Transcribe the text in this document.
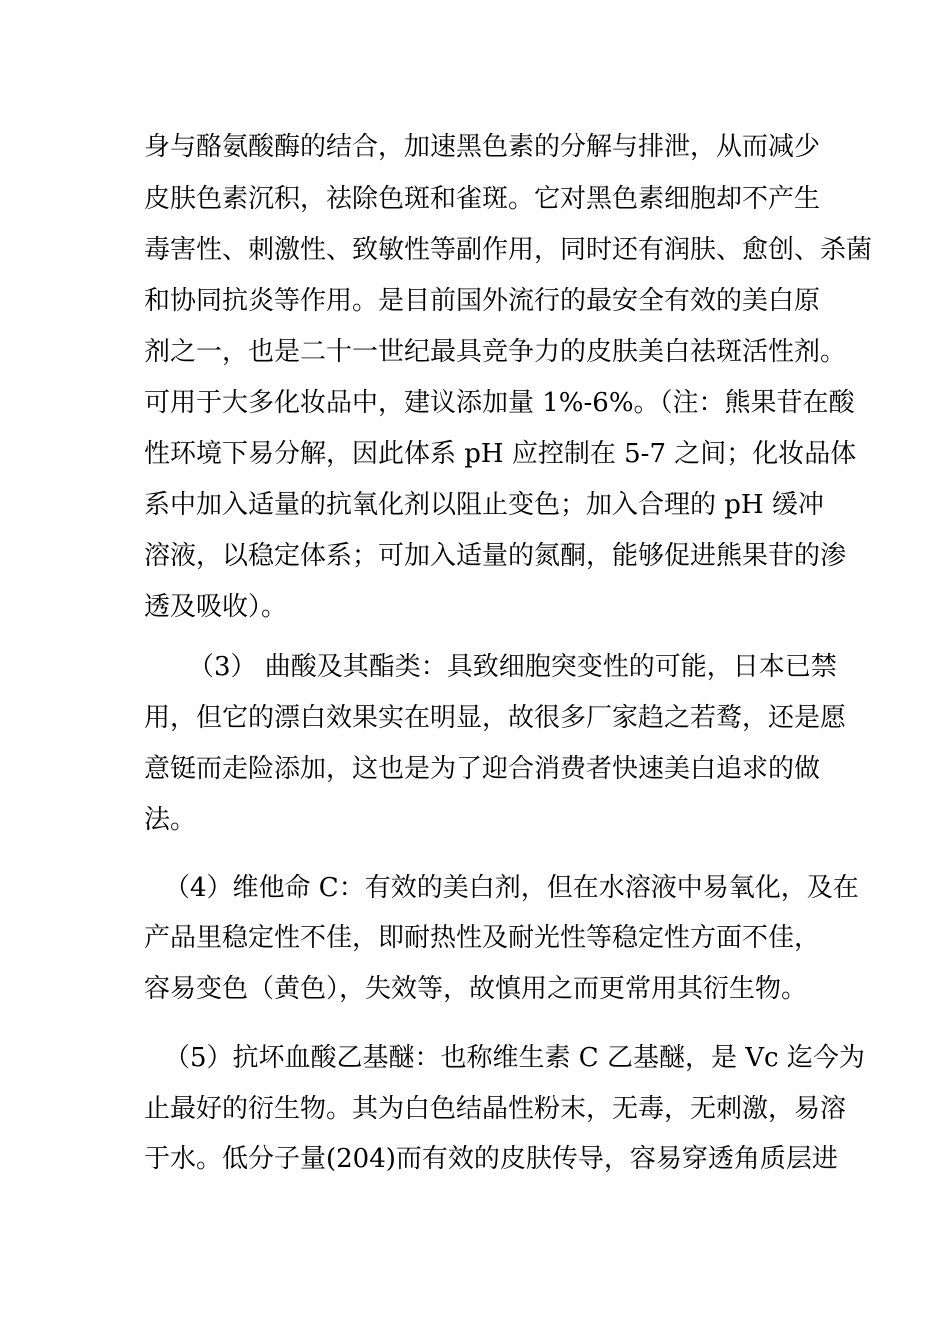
身与酪氨酸酶的结合，加速黑色素的分解与排泄，从而减少

皮肤色素沉积，祛除色斑和雀斑。它对黑色素细胞却不产生

毒害性、刺激性、致敏性等副作用，同时还有润肤、愈创、杀菌

和协同抗炎等作用。是目前国外流行的最安全有效的美白原

剂之一，也是二十一世纪最具竞争力的皮肤美白祛斑活性剂。

可用于大多化妆品中，建议添加量 1%-6%。（注：熊果苷在酸

性环境下易分解，因此体系 pH 应控制在 5-7 之间；化妆品体

系中加入适量的抗氧化剂以阻止变色；加入合理的 pH 缓冲

溶液，以稳定体系；可加入适量的氮酮，能够促进熊果苷的渗

透及吸收）。

（3） 曲酸及其酯类：具致细胞突变性的可能，日本已禁

用，但它的漂白效果实在明显，故很多厂家趋之若鹜，还是愿

意铤而走险添加，这也是为了迎合消费者快速美白追求的做

法。

（4）维他命 C：有效的美白剂，但在水溶液中易氧化，及在

产品里稳定性不佳，即耐热性及耐光性等稳定性方面不佳，

容易变色（黄色），失效等，故慎用之而更常用其衍生物。

（5）抗坏血酸乙基醚：也称维生素 C 乙基醚，是 Vc 迄今为

止最好的衍生物。其为白色结晶性粉末，无毒，无刺激，易溶

于水。低分子量(204)而有效的皮肤传导，容易穿透角质层进
